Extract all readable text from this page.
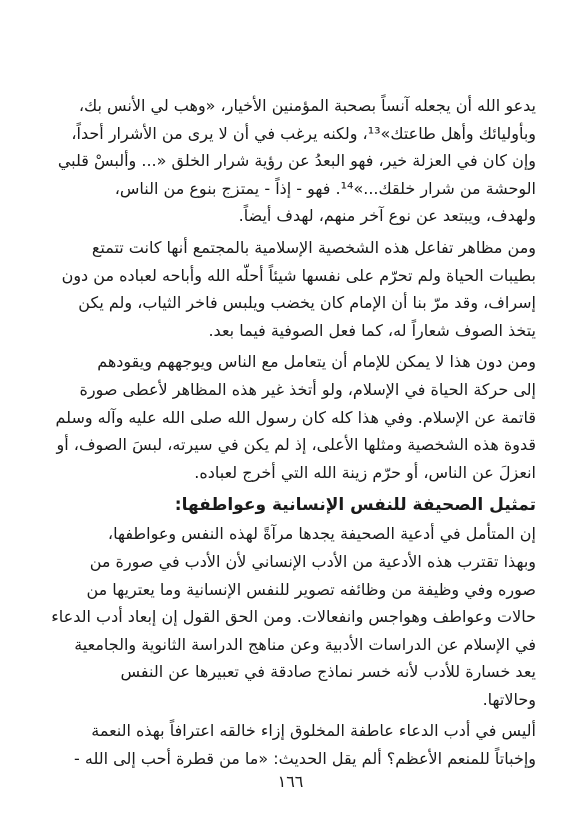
يدعو الله أن يجعله آنساً بصحبة المؤمنين الأخيار، «وهب لي الأنس بك،
وبأوليائك وأهل طاعتك»¹³، ولكنه يرغب في أن لا يرى من الأشرار أحداً،
وإن كان في العزلة خير، فهو البعدُ عن رؤية شرار الخلق «... وألبسْ قلبي
الوحشة من شرار خلقك...»¹⁴. فهو - إذاً - يمتزج بنوع من الناس،
ولهدف، ويبتعد عن نوع آخر منهم، لهدف أيضاً.
ومن مظاهر تفاعل هذه الشخصية الإسلامية بالمجتمع أنها كانت تتمتع
بطيبات الحياة ولم تحرّم على نفسها شيئاً أحلّه الله وأباحه لعباده من دون
إسراف، وقد مرّ بنا أن الإمام كان يخضب ويلبس فاخر الثياب، ولم يكن
يتخذ الصوف شعاراً له، كما فعل الصوفية فيما بعد.
ومن دون هذا لا يمكن للإمام أن يتعامل مع الناس ويوجههم ويقودهم
إلى حركة الحياة في الإسلام، ولو أتخذ غير هذه المظاهر لأعطى صورة
قاتمة عن الإسلام. وفي هذا كله كان رسول الله صلى الله عليه وآله وسلم
قدوة هذه الشخصية ومثلها الأعلى، إذ لم يكن في سيرته، لبسَ الصوف، أو
انعزلَ عن الناس، أو حرّم زينة الله التي أخرج لعباده.
تمثيل الصحيفة للنفس الإنسانية وعواطفها:
إن المتأمل في أدعية الصحيفة يجدها مرآةً لهذه النفس وعواطفها،
وبهذا تقترب هذه الأدعية من الأدب الإنساني لأن الأدب في صورة من
صوره وفي وظيفة من وظائفه تصوير للنفس الإنسانية وما يعتريها من
حالات وعواطف وهواجس وانفعالات. ومن الحق القول إن إبعاد أدب الدعاء
في الإسلام عن الدراسات الأدبية وعن مناهج الدراسة الثانوية والجامعية
يعد خسارة للأدب لأنه خسر نماذج صادقة في تعبيرها عن النفس
وحالاتها.
أليس في أدب الدعاء عاطفة المخلوق إزاء خالقه اعترافاً بهذه النعمة
وإخباتاً للمنعم الأعظم؟ ألم يقل الحديث: «ما من قطرة أحب إلى الله -
١٦٦
